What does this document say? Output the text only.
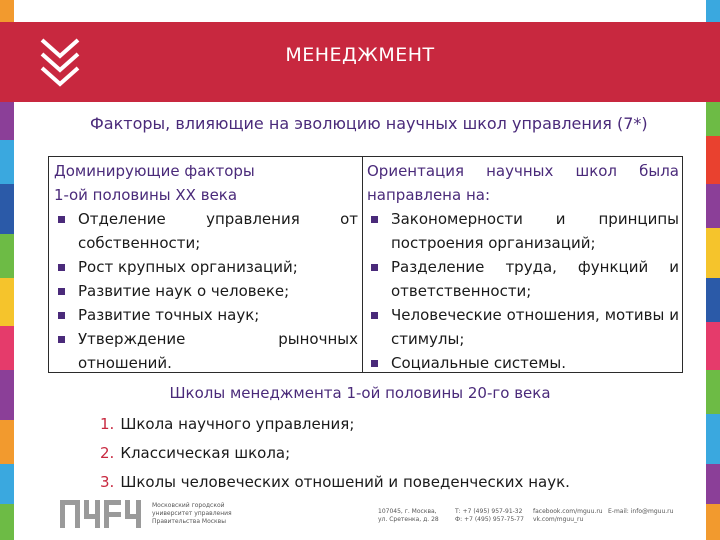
МЕНЕДЖМЕНТ
Факторы, влияющие на эволюцию научных школ управления (7*)
Доминирующие факторы
1-ой половины ХХ века
Отделение управления от собственности;
Рост крупных организаций;
Развитие наук о человеке;
Развитие точных наук;
Утверждение рыночных отношений.
Ориентация научных школ была
направлена на:
Закономерности и принципы построения организаций;
Разделение труда, функций и ответственности;
Человеческие отношения, мотивы и стимулы;
Социальные системы.
Школы менеджмента 1-ой половины 20-го века
1. Школа научного управления;
2. Классическая школа;
3. Школы человеческих отношений и поведенческих наук.
Московский городской
университет управления
Правительства Москвы
107045, г. Москва,
ул. Сретенка, д. 28
Т: +7 (495) 957-91-32
Ф: +7 (495) 957-75-77
facebook.com/mguu.ru
vk.com/mguu_ru
E-mail: info@mguu.ru
